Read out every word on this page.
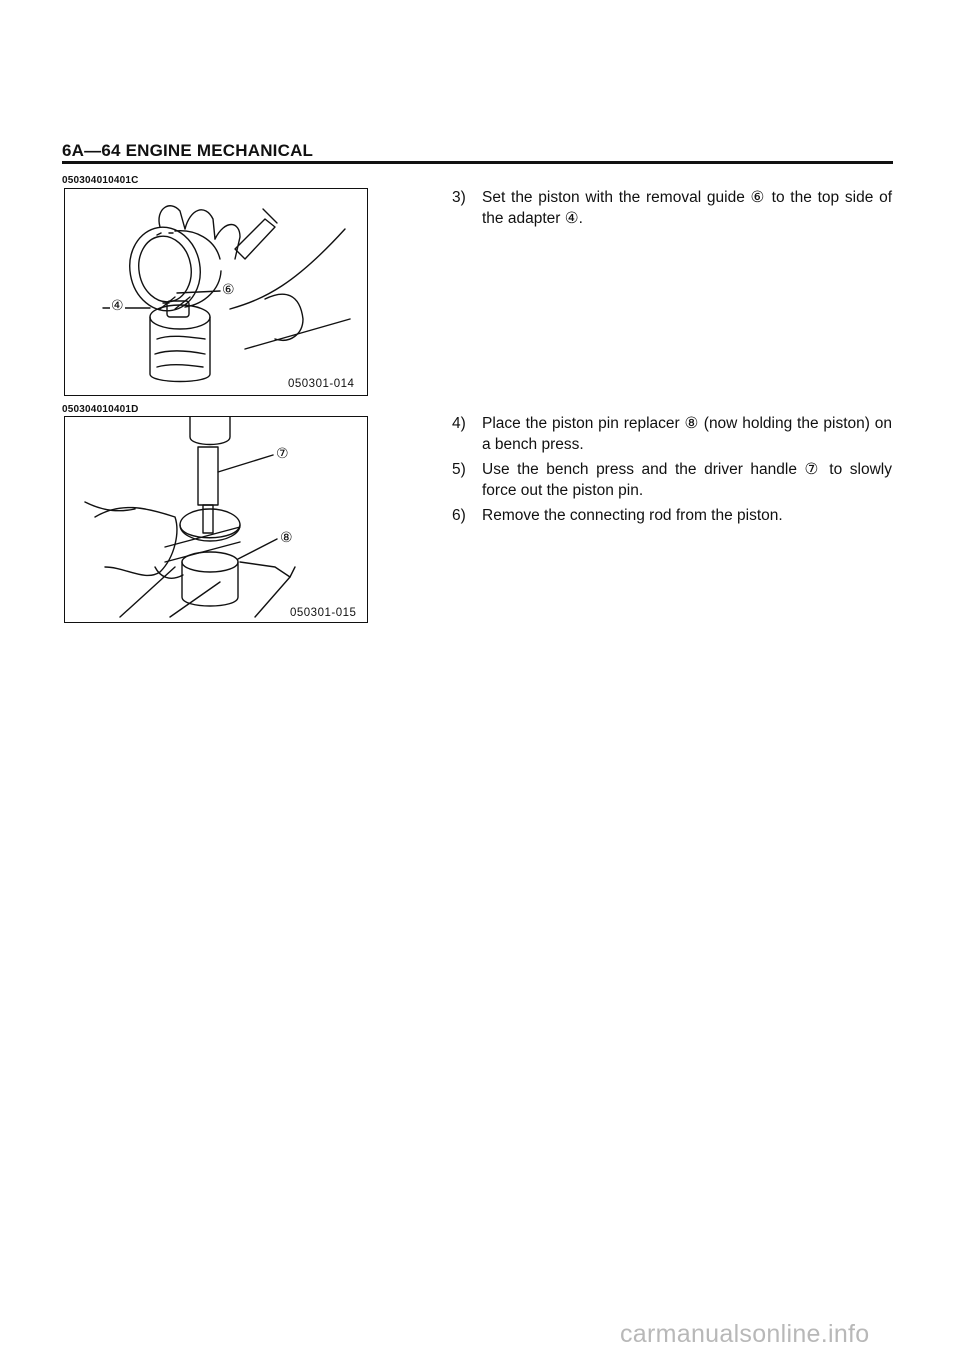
6A—64 ENGINE MECHANICAL
050304010401C
④
⑥
050301-014
050304010401D
⑦
⑧
050301-015
3) Set the piston with the removal guide ⑥ to the top side of the adapter ④.
4) Place the piston pin replacer ⑧ (now holding the piston) on a bench press.
5) Use the bench press and the driver handle ⑦ to slowly force out the piston pin.
6) Remove the connecting rod from the piston.
carmanualsonline.info
